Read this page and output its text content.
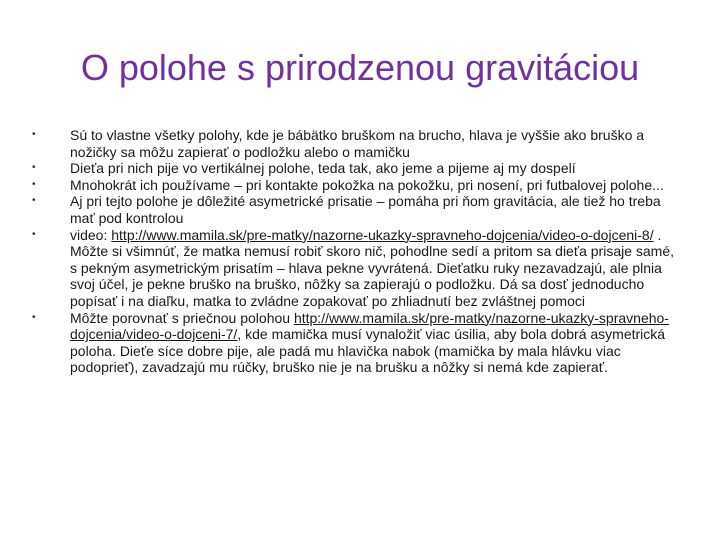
O polohe s prirodzenou gravitáciou
•	Sú to vlastne všetky polohy, kde je bábätko bruškom na brucho, hlava je vyššie ako bruško a nožičky sa môžu zapierať o podložku alebo o mamičku
•	Dieťa pri nich pije vo vertikálnej polohe, teda tak, ako jeme a pijeme aj my dospelí
•	Mnohokrát ich používame – pri kontakte pokožka na pokožku, pri nosení, pri futbalovej polohe...
•	Aj pri tejto polohe je dôležité asymetrické prisatie – pomáha pri ňom gravitácia, ale tiež ho treba mať pod kontrolou
•	video: http://www.mamila.sk/pre-matky/nazorne-ukazky-spravneho-dojcenia/video-o-dojceni-8/ . Môžte si všimnúť, že matka nemusí robiť skoro nič, pohodlne sedí a pritom sa dieťa prisaje samé, s pekným asymetrickým prisatím – hlava pekne vyvrátená. Dieťatku ruky nezavadzajú, ale plnia svoj účel, je pekne bruško na bruško, nôžky sa zapierajú o podložku. Dá sa dosť jednoducho popísať i na diaľku, matka to zvládne zopakovať po zhliadnutí bez zvláštnej pomoci
•	Môžte porovnať s priečnou polohou http://www.mamila.sk/pre-matky/nazorne-ukazky-spravneho-dojcenia/video-o-dojceni-7/, kde mamička musí vynaložiť viac úsilia, aby bola dobrá asymetrická poloha. Dieťe síce dobre pije, ale padá mu hlavička nabok (mamička by mala hlávku viac podoprieť), zavadzajú mu rúčky, bruško nie je na brušku a nôžky si nemá kde zapierať.
